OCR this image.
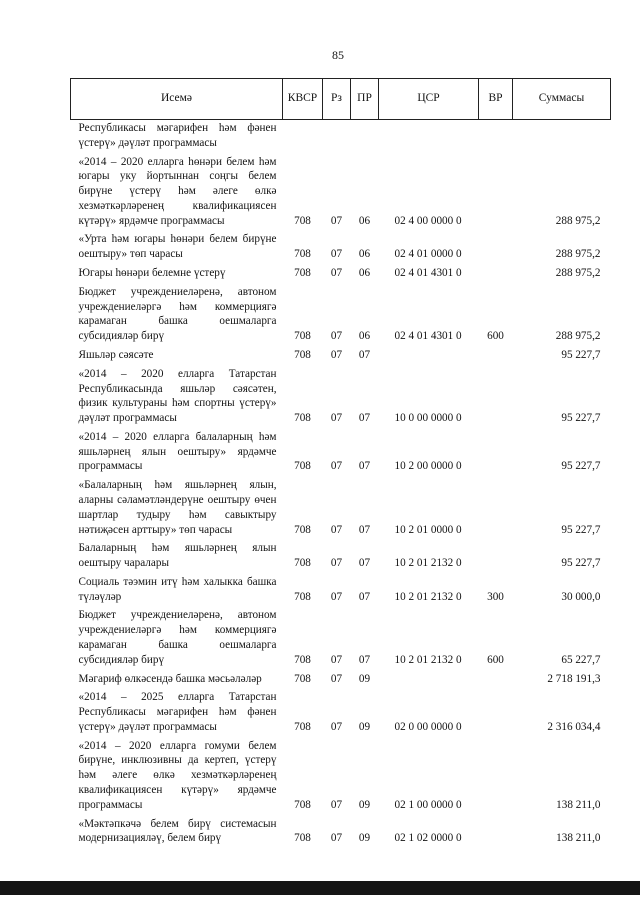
85
Исемә	КВСР	Рз	ПР	ЦСР	ВР	Суммасы
Республикасы мәгарифен һәм фәнен үстерү» дәүләт программасы						
«2014 – 2020 елларга һөнәри белем һәм югары уку йортыннан соңгы белем бирүне үстерү һәм әлеге өлкә хезмәткәрләренең квалификациясен күтәрү» ярдәмче программасы	708	07	06	02 4 00 0000 0		288 975,2
«Урта һәм югары һөнәри белем бирүне оештыру» төп чарасы	708	07	06	02 4 01 0000 0		288 975,2
Югары һөнәри белемне үстерү	708	07	06	02 4 01 4301 0		288 975,2
Бюджет учреждениеләренә, автоном учреждениеләргә һәм коммерциягә карамаган башка оешмаларга субсидияләр бирү	708	07	06	02 4 01 4301 0	600	288 975,2
Яшьләр сәясәте	708	07	07			95 227,7
«2014 – 2020 елларга Татарстан Республикасында яшьләр сәясәтен, физик культураны һәм спортны үстерү» дәүләт программасы	708	07	07	10 0 00 0000 0		95 227,7
«2014 – 2020 елларга балаларның һәм яшьләрнең ялын оештыру» ярдәмче программасы	708	07	07	10 2 00 0000 0		95 227,7
«Балаларның һәм яшьләрнең ялын, аларны сәламәтләндерүне оештыру өчен шартлар тудыру һәм савыктыру нәтиҗәсен арттыру» төп чарасы	708	07	07	10 2 01 0000 0		95 227,7
Балаларның һәм яшьләрнең ялын оештыру чаралары	708	07	07	10 2 01 2132 0		95 227,7
Социаль тәэмин итү һәм халыкка башка түләүләр	708	07	07	10 2 01 2132 0	300	30 000,0
Бюджет учреждениеләренә, автоном учреждениеләргә һәм коммерциягә карамаган башка оешмаларга субсидияләр бирү	708	07	07	10 2 01 2132 0	600	65 227,7
Мәгариф өлкәсендә башка мәсьәләләр	708	07	09			2 718 191,3
«2014 – 2025 елларга Татарстан Республикасы мәгарифен һәм фәнен үстерү» дәүләт программасы	708	07	09	02 0 00 0000 0		2 316 034,4
«2014 – 2020 елларга гомуми белем бирүне, инклюзивны да кертеп, үстерү һәм әлеге өлкә хезмәткәрләренең квалификациясен күтәрү» ярдәмче программасы	708	07	09	02 1 00 0000 0		138 211,0
«Мәктәпкәчә белем бирү системасын модернизацияләү, белем бирү	708	07	09	02 1 02 0000 0		138 211,0
